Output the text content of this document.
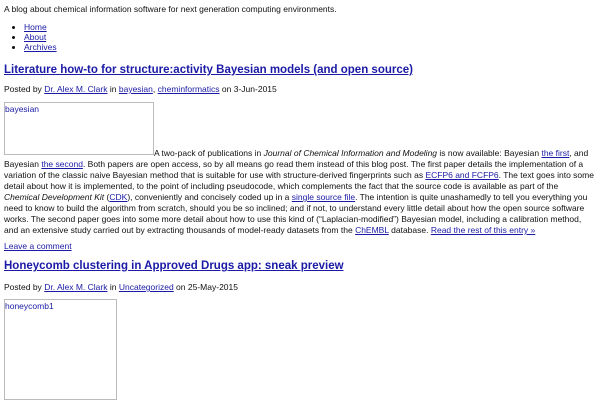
A blog about chemical information software for next generation computing environments.
• Home
• About
• Archives
Literature how-to for structure:activity Bayesian models (and open source)
Posted by Dr. Alex M. Clark in bayesian, cheminformatics on 3-Jun-2015
bayesian

A two-pack of publications in Journal of Chemical Information and Modeling is now available: Bayesian the first, and Bayesian the second. Both papers are open access, so by all means go read them instead of this blog post. The first paper details the implementation of a variation of the classic naive Bayesian method that is suitable for use with structure-derived fingerprints such as ECFP6 and FCFP6. The text goes into some detail about how it is implemented, to the point of including pseudocode, which complements the fact that the source code is available as part of the Chemical Development Kit (CDK), conveniently and concisely coded up in a single source file. The intention is quite unashamedly to tell you everything you need to know to build the algorithm from scratch, should you be so inclined; and if not, to understand every little detail about how the open source software works. The second paper goes into some more detail about how to use this kind of (“Laplacian-modified”) Bayesian model, including a calibration method, and an extensive study carried out by extracting thousands of model-ready datasets from the ChEMBL database. Read the rest of this entry »

Leave a comment
Honeycomb clustering in Approved Drugs app: sneak preview
Posted by Dr. Alex M. Clark in Uncategorized on 25-May-2015
honeycomb1
